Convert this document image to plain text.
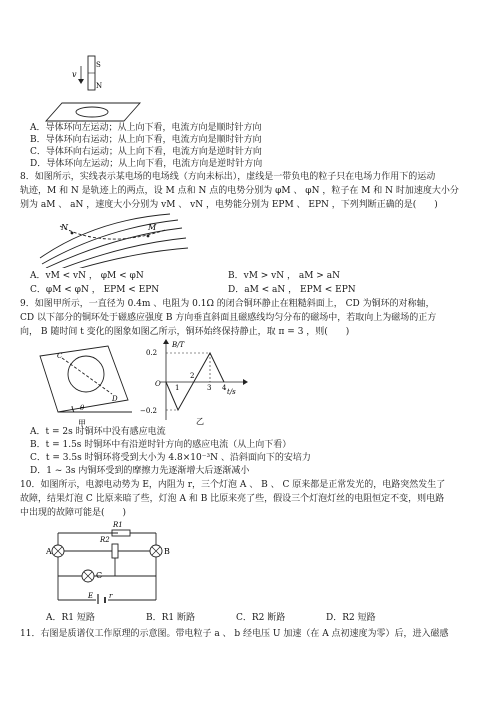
v
S
N
A．导体环向左运动；从上向下看，电流方向是顺时针方向
B．导体环向右运动；从上向下看，电流方向是顺时针方向
C．导体环向右运动；从上向下看，电流方向是逆时针方向
D．导体环向左运动；从上向下看，电流方向是逆时针方向
8．如图所示，实线表示某电场的电场线（方向未标出），虚线是一带负电的粒子只在电场力作用下的运动
轨迹，M 和 N 是轨迹上的两点，设 M 点和 N 点的电势分别为 φM 、 φN ，粒子在 M 和 N 时加速度大小分
别为 aM 、 aN ，速度大小分别为 vM 、 vN ，电势能分别为 EPM 、 EPN ，下列判断正确的是(　　)
N	M
A．vM < vN ， φM < φN	B．vM > vN ， aM > aN
C．φM < φN ， EPM < EPN	D．aM < aN ， EPM < EPN
9．如图甲所示，一直径为 0.4m 、电阻为 0.1Ω 的闭合铜环静止在粗糙斜面上， CD 为铜环的对称轴，
CD 以下部分的铜环处于磁感应强度 B 方向垂直斜面且磁感线均匀分布的磁场中，若取向上为磁场的正方
向， B 随时间 t 变化的图象如图乙所示，铜环始终保持静止，取 π = 3 ，则(　　)
C
D
θ
甲
B/T
t/s
O
0.2
−0.2
1
2
3 4
乙
A．t = 2s 时铜环中没有感应电流
B．t = 1.5s 时铜环中有沿逆时针方向的感应电流（从上向下看）
C．t = 3.5s 时铜环将受到大小为 4.8×10⁻³N 、沿斜面向下的安培力
D．1 ~ 3s 内铜环受到的摩擦力先逐渐增大后逐渐减小
10．如图所示，电源电动势为 E，内阻为 r，三个灯泡 A 、 B 、 C 原来都是正常发光的，电路突然发生了
故障，结果灯泡 C 比原来暗了些，灯泡 A 和 B 比原来亮了些，假设三个灯泡灯丝的电阻恒定不变，则电路
中出现的故障可能是(　　)
R1
R2
A	B
C
E r
A．R1 短路	B．R1 断路	C．R2 断路	D．R2 短路
11．右图是质谱仪工作原理的示意图。带电粒子 a 、 b 经电压 U 加速（在 A 点初速度为零）后，进入磁感
